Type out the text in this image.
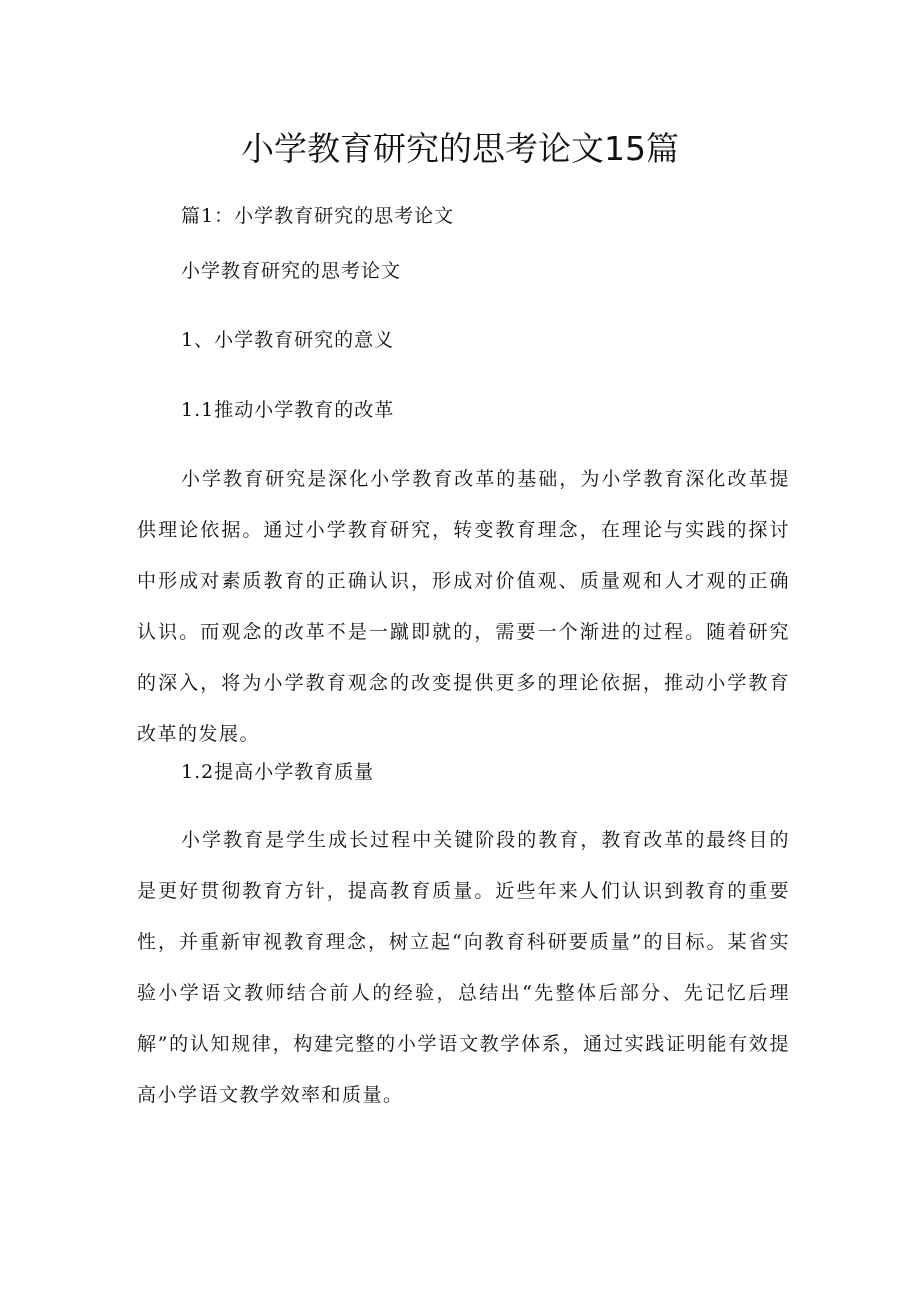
小学教育研究的思考论文15篇
篇1：小学教育研究的思考论文
小学教育研究的思考论文
1、小学教育研究的意义
1.1推动小学教育的改革

小学教育研究是深化小学教育改革的基础，为小学教育深化改革提供理论依据。通过小学教育研究，转变教育理念，在理论与实践的探讨中形成对素质教育的正确认识，形成对价值观、质量观和人才观的正确认识。而观念的改革不是一蹴即就的，需要一个渐进的过程。随着研究的深入，将为小学教育观念的改变提供更多的理论依据，推动小学教育改革的发展。

1.2提高小学教育质量

小学教育是学生成长过程中关键阶段的教育，教育改革的最终目的是更好贯彻教育方针，提高教育质量。近些年来人们认识到教育的重要性，并重新审视教育理念，树立起“向教育科研要质量”的目标。某省实验小学语文教师结合前人的经验，总结出“先整体后部分、先记忆后理解”的认知规律，构建完整的小学语文教学体系，通过实践证明能有效提高小学语文教学效率和质量。
